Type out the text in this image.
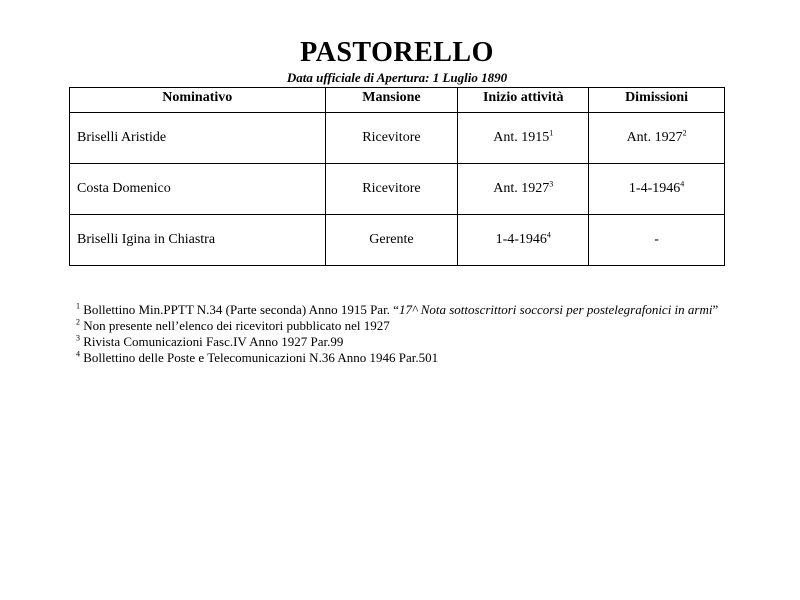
PASTORELLO
Data ufficiale di Apertura: 1 Luglio 1890
Nominativo	Mansione	Inizio attività	Dimissioni
Briselli Aristide	Ricevitore	Ant. 1915$^1$	Ant. 1927$^2$
Costa Domenico	Ricevitore	Ant. 1927$^3$	1-4-1946$^4$
Briselli Igina in Chiastra	Gerente	1-4-1946$^4$	-

$^1$ Bollettino Min.PPTT N.34 (Parte seconda) Anno 1915 Par. “17^ Nota sottoscrittori soccorsi per postelegrafonici in armi”

$^2$ Non presente nell’elenco dei ricevitori pubblicato nel 1927

$^3$ Rivista Comunicazioni Fasc.IV Anno 1927 Par.99

$^4$ Bollettino delle Poste e Telecomunicazioni N.36 Anno 1946 Par.501
